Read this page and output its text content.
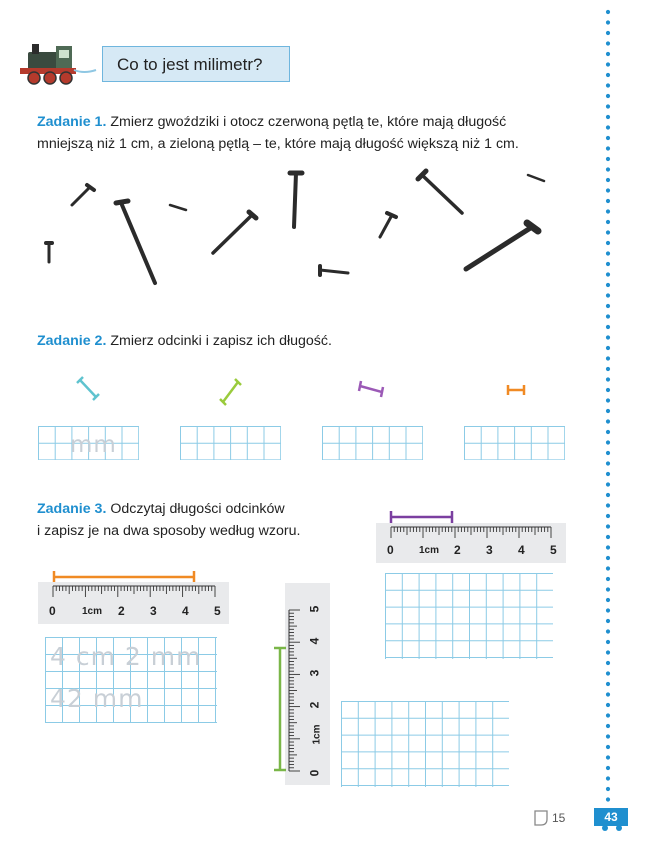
Co to jest milimetr?
Zadanie 1. Zmierz gwoździki i otocz czerwoną pętlą te, które mają długość
mniejszą niż 1 cm, a zieloną pętlą – te, które mają długość większą niż 1 cm.
Zadanie 2. Zmierz odcinki i zapisz ich długość.
mm
Zadanie 3. Odczytaj długości odcinków
i zapisz je na dwa sposoby według wzoru.
0	1cm 2 3 4 5
0	1cm 2 3 4 5
4 cm 2 mm
42 mm
0
1cm
2
3
4
5
15	43
